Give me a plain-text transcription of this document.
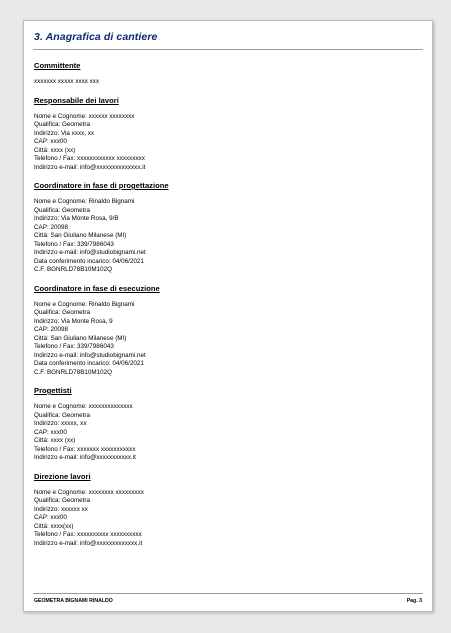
3. Anagrafica di cantiere
Committente
xxxxxxx xxxxx xxxx xxx
Responsabile dei lavori
Nome e Cognome: xxxxxx xxxxxxxx
Qualifica: Geometra
Indirizzo: Via xxxx, xx
CAP: xxx00
Città: xxxx (xx)
Telefono / Fax: xxxxxxxxxxxx xxxxxxxxx
Indirizzo e-mail: info@xxxxxxxxxxxxxx.it
Coordinatore in fase di progettazione
Nome e Cognome: Rinaldo Bignami
Qualifica: Geometra
Indirizzo: Via Monte Rosa, 9/B
CAP: 20098
Città: San Giuliano Milanese (MI)
Telefono / Fax: 339/7986043
Indirizzo e-mail: info@studiobignami.net
Data conferimento incarico: 04/06/2021
C.F. BGNRLD78B10M102Q
Coordinatore in fase di esecuzione
Nome e Cognome: Rinaldo Bignami
Qualifica: Geometra
Indirizzo: Via Monte Rosa, 9
CAP: 20098
Città: San Giuliano Milanese (MI)
Telefono / Fax: 339/7986043
Indirizzo e-mail: info@studiobignami.net
Data conferimento incarico: 04/06/2021
C.F. BGNRLD78B10M102Q
Progettisti
Nome e Cognome: xxxxxxxxxxxxxx
Qualifica: Geometra
Indirizzo: xxxxx, xx
CAP: xxx00
Città: xxxx (xx)
Telefono / Fax: xxxxxxx xxxxxxxxxxx
Indirizzo e-mail: info@xxxxxxxxxxx.it
Direzione lavori
Nome e Cognome: xxxxxxxx xxxxxxxxx
Qualifica: Geometra
Indirizzo: xxxxxx xx
CAP: xxx00
Città: xxxx(xx)
Telefono / Fax: xxxxxxxxxx xxxxxxxxxx
Indirizzo e-mail: info@xxxxxxxxxxxxx.it
GEOMETRA BIGNAMI RINALDO	Pag. 3
